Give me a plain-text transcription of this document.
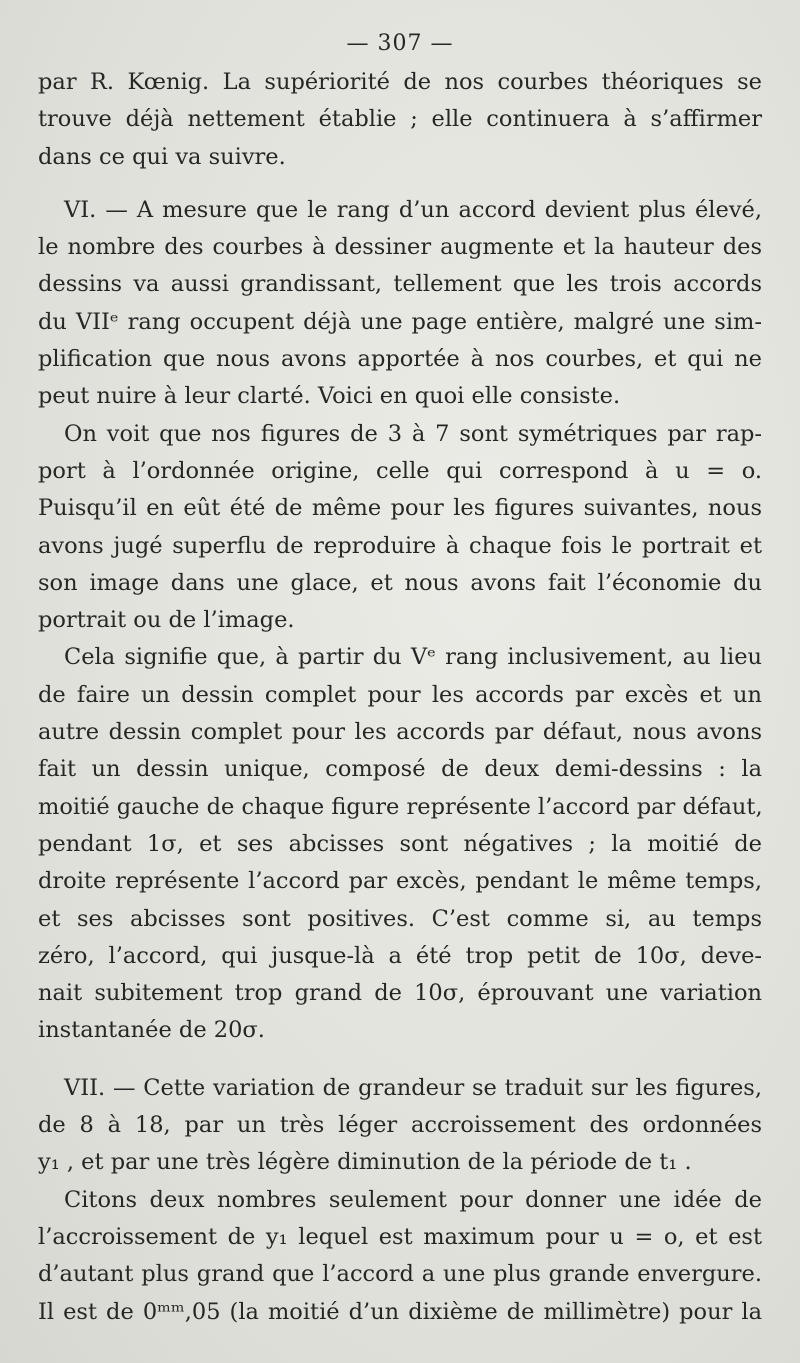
— 307 —

par R. Kœnig. La supériorité de nos courbes théoriques se
trouve déjà nettement établie ; elle continuera à s’affirmer
dans ce qui va suivre.

VI. — A mesure que le rang d’un accord devient plus élevé,
le nombre des courbes à dessiner augmente et la hauteur des
dessins va aussi grandissant, tellement que les trois accords
du VIIᵉ rang occupent déjà une page entière, malgré une sim-
plification que nous avons apportée à nos courbes, et qui ne
peut nuire à leur clarté. Voici en quoi elle consiste.

On voit que nos figures de 3 à 7 sont symétriques par rap-
port à l’ordonnée origine, celle qui correspond à u = o.
Puisqu’il en eût été de même pour les figures suivantes, nous
avons jugé superflu de reproduire à chaque fois le portrait et
son image dans une glace, et nous avons fait l’économie du
portrait ou de l’image.

Cela signifie que, à partir du Vᵉ rang inclusivement, au lieu
de faire un dessin complet pour les accords par excès et un
autre dessin complet pour les accords par défaut, nous avons
fait un dessin unique, composé de deux demi-dessins : la
moitié gauche de chaque figure représente l’accord par défaut,
pendant 1σ, et ses abcisses sont négatives ; la moitié de
droite représente l’accord par excès, pendant le même temps,
et ses abcisses sont positives. C’est comme si, au temps
zéro, l’accord, qui jusque-là a été trop petit de 10σ, deve-
nait subitement trop grand de 10σ, éprouvant une variation
instantanée de 20σ.

VII. — Cette variation de grandeur se traduit sur les figures,
de 8 à 18, par un très léger accroissement des ordonnées
y₁ , et par une très légère diminution de la période de t₁ .

Citons deux nombres seulement pour donner une idée de
l’accroissement de y₁ lequel est maximum pour u = o, et est
d’autant plus grand que l’accord a une plus grande envergure.
Il est de 0ᵐᵐ,05 (la moitié d’un dixième de millimètre) pour la
